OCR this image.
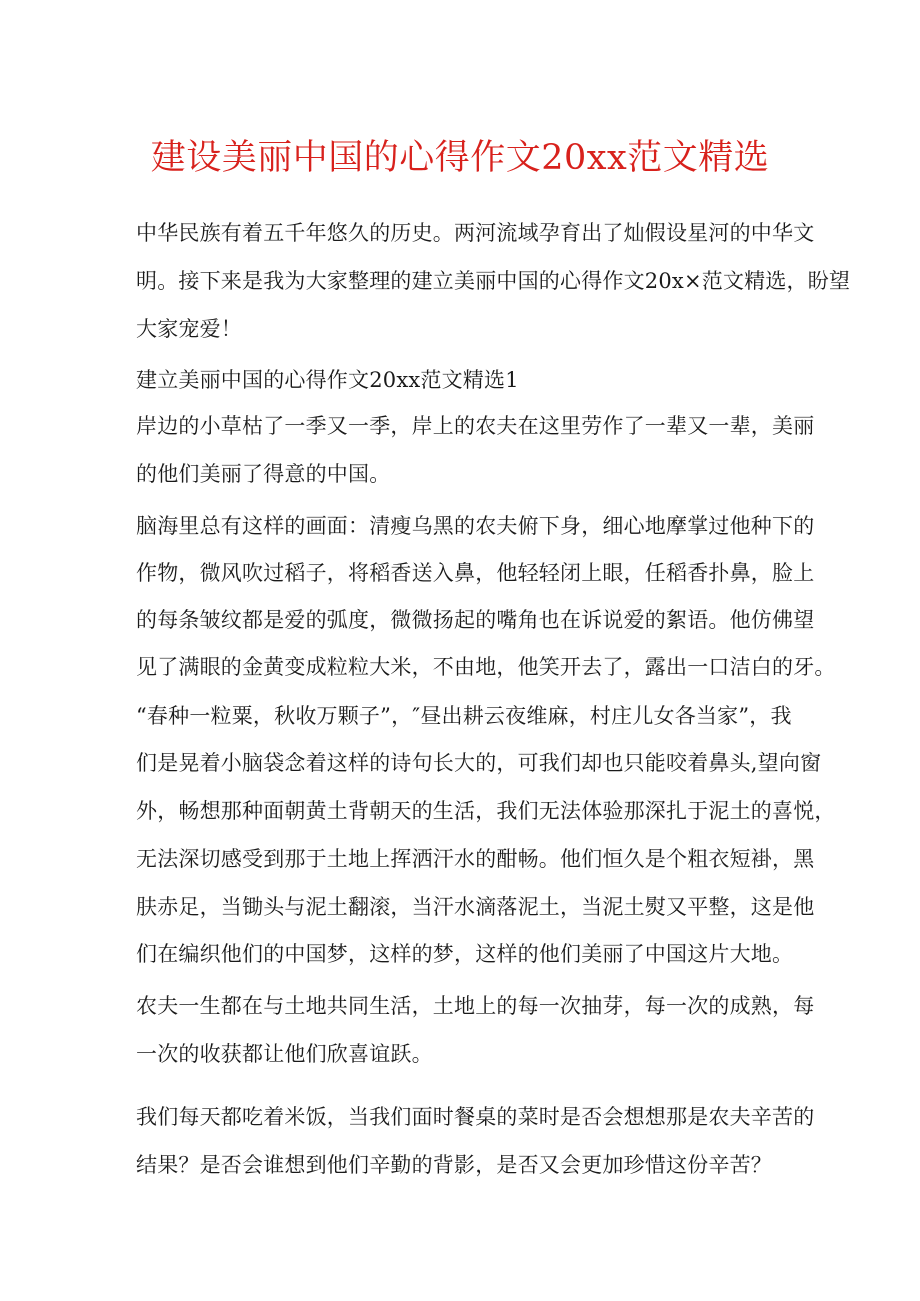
建设美丽中国的心得作文20xx范文精选
中华民族有着五千年悠久的历史。两河流域孕育出了灿假设星河的中华文
明。接下来是我为大家整理的建立美丽中国的心得作文20x×范文精选，盼望
大家宠爱！
建立美丽中国的心得作文20xx范文精选1
岸边的小草枯了一季又一季，岸上的农夫在这里劳作了一辈又一辈，美丽
的他们美丽了得意的中国。
脑海里总有这样的画面：清瘦乌黑的农夫俯下身，细心地摩掌过他种下的
作物，微风吹过稻子，将稻香送入鼻，他轻轻闭上眼，任稻香扑鼻，脸上
的每条皱纹都是爱的弧度，微微扬起的嘴角也在诉说爱的絮语。他仿佛望
见了满眼的金黄变成粒粒大米，不由地，他笑开去了，露出一口洁白的牙。
“春种一粒粟，秋收万颗子”，″昼出耕云夜维麻，村庄儿女各当家”，我
们是晃着小脑袋念着这样的诗句长大的，可我们却也只能咬着鼻头,望向窗
外，畅想那种面朝黄土背朝天的生活，我们无法体验那深扎于泥土的喜悦，
无法深切感受到那于土地上挥洒汗水的酣畅。他们恒久是个粗衣短褂，黑
肤赤足，当锄头与泥土翻滚，当汗水滴落泥土，当泥土熨又平整，这是他
们在编织他们的中国梦，这样的梦，这样的他们美丽了中国这片大地。
农夫一生都在与土地共同生活，土地上的每一次抽芽，每一次的成熟，每
一次的收获都让他们欣喜谊跃。
我们每天都吃着米饭，当我们面时餐桌的菜时是否会想想那是农夫辛苦的
结果？是否会谁想到他们辛勤的背影，是否又会更加珍惜这份辛苦？
